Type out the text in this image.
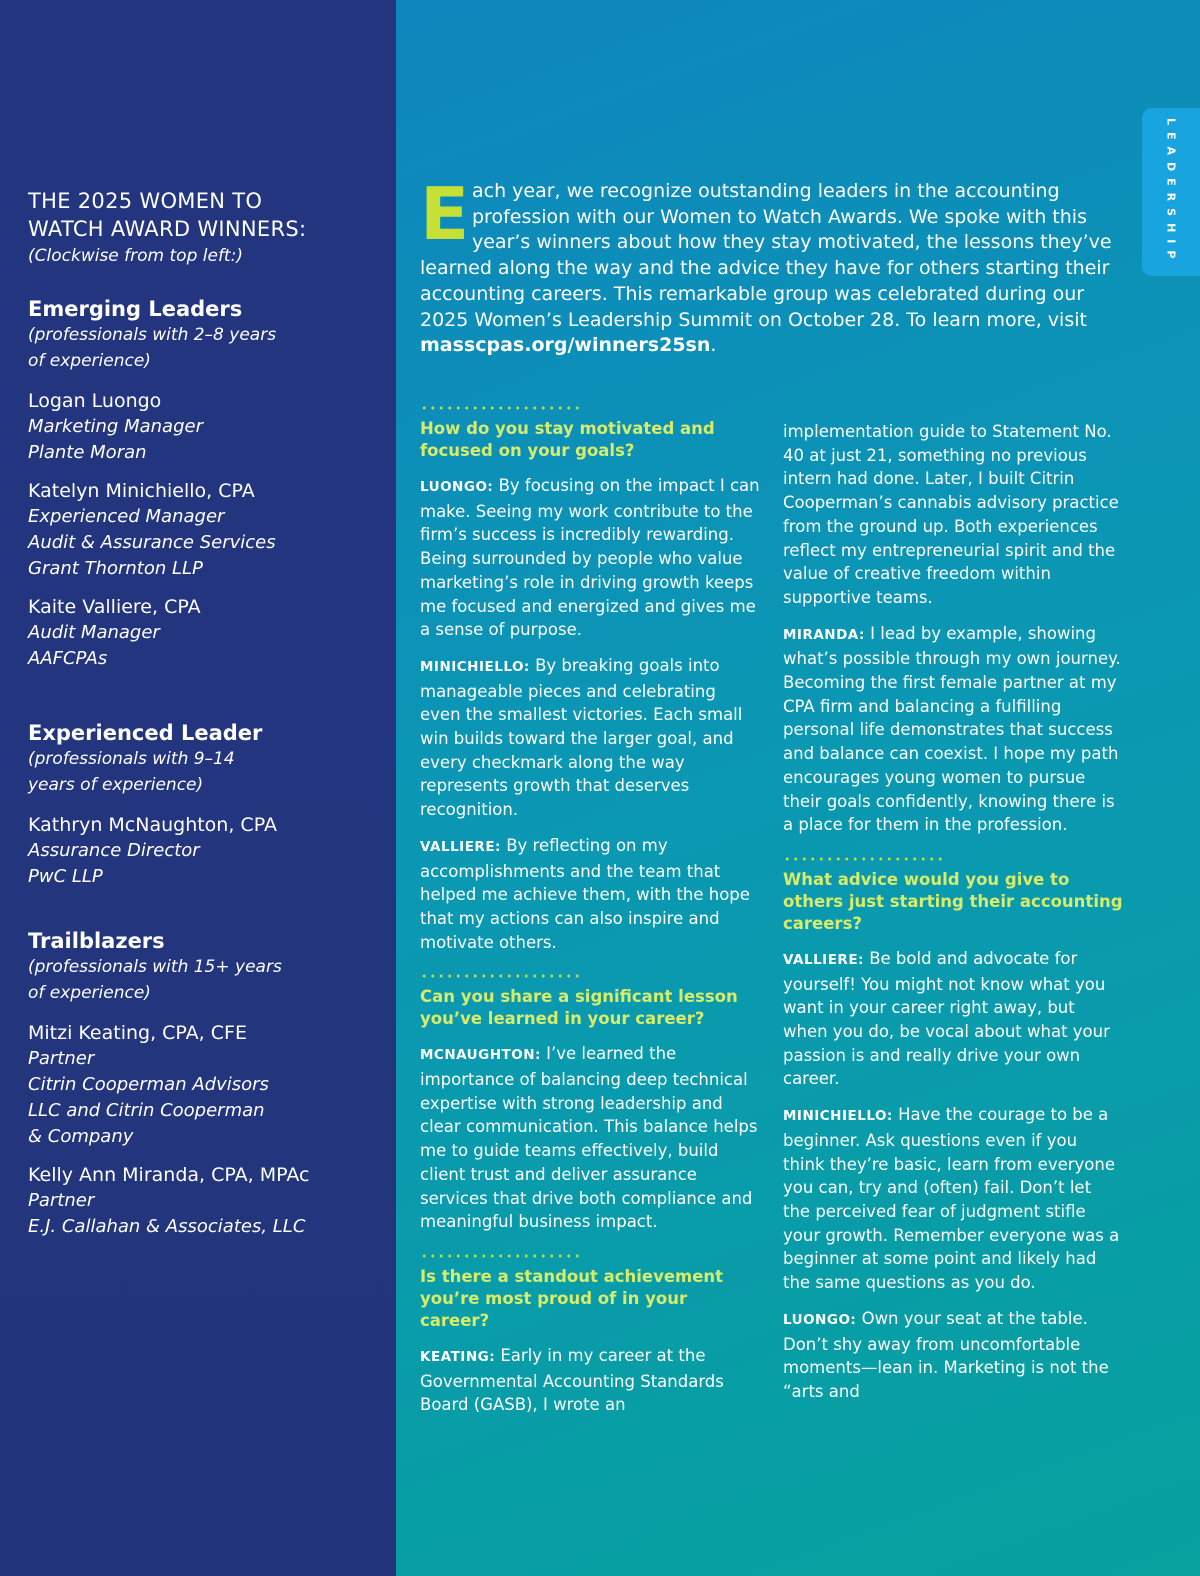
LEADERSHIP
THE 2025 WOMEN TO
WATCH AWARD WINNERS:
(Clockwise from top left:)
Emerging Leaders
(professionals with 2–8 years
of experience)
Logan Luongo
Marketing Manager
Plante Moran
Katelyn Minichiello, CPA
Experienced Manager
Audit & Assurance Services
Grant Thornton LLP
Kaite Valliere, CPA
Audit Manager
AAFCPAs
Experienced Leader
(professionals with 9–14
years of experience)
Kathryn McNaughton, CPA
Assurance Director
PwC LLP
Trailblazers
(professionals with 15+ years
of experience)
Mitzi Keating, CPA, CFE
Partner
Citrin Cooperman Advisors
LLC and Citrin Cooperman
& Company
Kelly Ann Miranda, CPA, MPAc
Partner
E.J. Callahan & Associates, LLC
Each year, we recognize outstanding leaders in the accounting profession with our Women to Watch Awards. We spoke with this year’s winners about how they stay motivated, the lessons they’ve learned along the way and the advice they have for others starting their accounting careers. This remarkable group was celebrated during our 2025 Women’s Leadership Summit on October 28. To learn more, visit masscpas.org/winners25sn.
How do you stay motivated and focused on your goals?
LUONGO: By focusing on the impact I can make. Seeing my work contribute to the firm’s success is incredibly rewarding. Being surrounded by people who value marketing’s role in driving growth keeps me focused and energized and gives me a sense of purpose.
MINICHIELLO: By breaking goals into manageable pieces and celebrating even the smallest victories. Each small win builds toward the larger goal, and every checkmark along the way represents growth that deserves recognition.
VALLIERE: By reflecting on my accomplishments and the team that helped me achieve them, with the hope that my actions can also inspire and motivate others.
Can you share a significant lesson you’ve learned in your career?
MCNAUGHTON: I’ve learned the importance of balancing deep technical expertise with strong leadership and clear communication. This balance helps me to guide teams effectively, build client trust and deliver assurance services that drive both compliance and meaningful business impact.
Is there a standout achievement you’re most proud of in your career?
KEATING: Early in my career at the Governmental Accounting Standards Board (GASB), I wrote an
implementation guide to Statement No. 40 at just 21, something no previous intern had done. Later, I built Citrin Cooperman’s cannabis advisory practice from the ground up. Both experiences reflect my entrepreneurial spirit and the value of creative freedom within supportive teams.
MIRANDA: I lead by example, showing what’s possible through my own journey. Becoming the first female partner at my CPA firm and balancing a fulfilling personal life demonstrates that success and balance can coexist. I hope my path encourages young women to pursue their goals confidently, knowing there is a place for them in the profession.
What advice would you give to others just starting their accounting careers?
VALLIERE: Be bold and advocate for yourself! You might not know what you want in your career right away, but when you do, be vocal about what your passion is and really drive your own career.
MINICHIELLO: Have the courage to be a beginner. Ask questions even if you think they’re basic, learn from everyone you can, try and (often) fail. Don’t let the perceived fear of judgment stifle your growth. Remember everyone was a beginner at some point and likely had the same questions as you do.
LUONGO: Own your seat at the table. Don’t shy away from uncomfortable moments—lean in. Marketing is not the “arts and
